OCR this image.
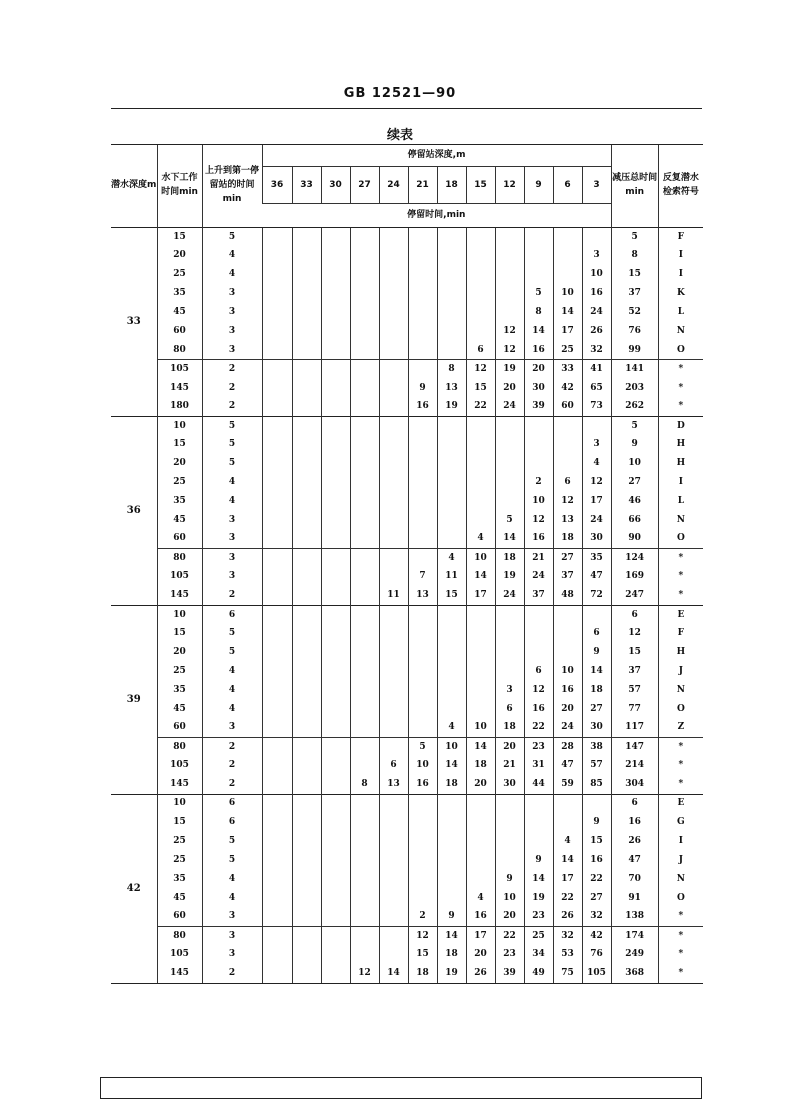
GB 12521—90
续表
潜水深度m	水下工作时间min	上升到第一停留站的时间min	停留站深度,m												减压总时间min	反复潜水检索符号
			36	33	30	27	24	21	18	15	12	9	6	3		
			停留时间,min													
33	15	5													5	F
	20	4												3	8	I
	25	4												10	15	I
	35	3										5	10	16	37	K
	45	3										8	14	24	52	L
	60	3									12	14	17	26	76	N
	80	3								6	12	16	25	32	99	O
	105	2							8	12	19	20	33	41	141	*
	145	2						9	13	15	20	30	42	65	203	*
	180	2						16	19	22	24	39	60	73	262	*
36	10	5													5	D
	15	5												3	9	H
	20	5												4	10	H
	25	4										2	6	12	27	I
	35	4										10	12	17	46	L
	45	3									5	12	13	24	66	N
	60	3								4	14	16	18	30	90	O
	80	3							4	10	18	21	27	35	124	*
	105	3						7	11	14	19	24	37	47	169	*
	145	2					11	13	15	17	24	37	48	72	247	*
39	10	6													6	E
	15	5												6	12	F
	20	5												9	15	H
	25	4										6	10	14	37	J
	35	4									3	12	16	18	57	N
	45	4									6	16	20	27	77	O
	60	3							4	10	18	22	24	30	117	Z
	80	2						5	10	14	20	23	28	38	147	*
	105	2					6	10	14	18	21	31	47	57	214	*
	145	2				8	13	16	18	20	30	44	59	85	304	*
42	10	6													6	E
	15	6												9	16	G
	25	5											4	15	26	I
	25	5										9	14	16	47	J
	35	4									9	14	17	22	70	N
	45	4								4	10	19	22	27	91	O
	60	3						2	9	16	20	23	26	32	138	*
	80	3						12	14	17	22	25	32	42	174	*
	105	3						15	18	20	23	34	53	76	249	*
	145	2				12	14	18	19	26	39	49	75	105	368	*
